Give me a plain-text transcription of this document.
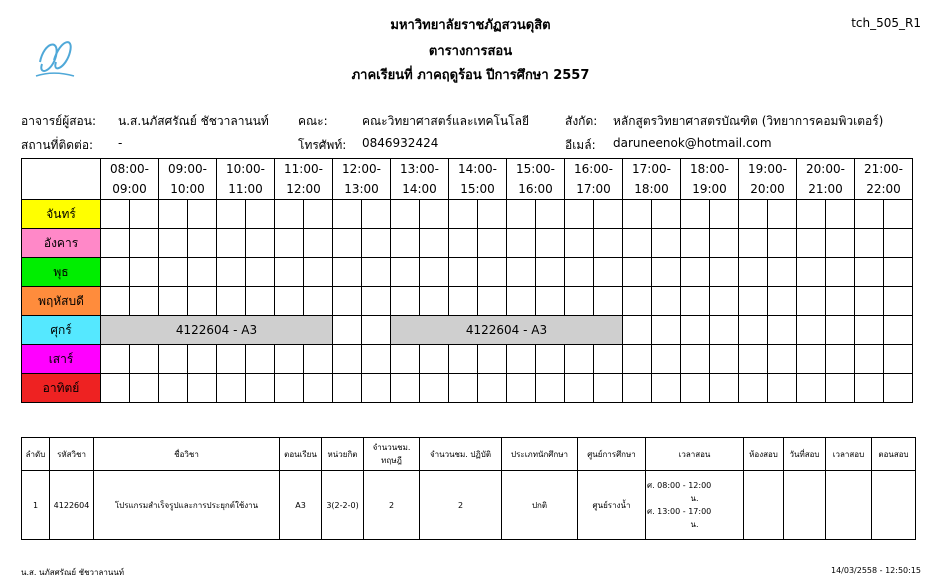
มหาวิทยาลัยราชภัฏสวนดุสิต
ตารางการสอน
ภาคเรียนที่ ภาคฤดูร้อน ปีการศึกษา 2557
tch_505_R1
อาจารย์ผู้สอน: น.ส.นภัสศรัณย์ ชัชวาลานนท์ คณะ:	คณะวิทยาศาสตร์และเทคโนโลยี	สังกัด: หลักสูตรวิทยาศาสตรบัณฑิต (วิทยาการคอมพิวเตอร์)
สถานที่ติดต่อ: -	โทรศัพท์: 0846932424	อีเมล์: daruneenok@hotmail.com
	08:00-		09:00-		10:00-		11:00-		12:00-		13:00-		14:00-		15:00-		16:00-		17:00-		18:00-		19:00-		20:00-		21:00-	
	09:00		10:00		11:00		12:00		13:00		14:00		15:00		16:00		17:00		18:00		19:00		20:00		21:00		22:00	
จันทร์																												
อังคาร																												
พุธ																												
พฤหัสบดี																												
ศุกร์	4122604 - A3										4122604 - A3																	
เสาร์																												
อาทิตย์																												
ลำดับ	รหัสวิชา	ชื่อวิชา	ตอนเรียน	หน่วยกิต	จำนวนชม. ทฤษฎี	จำนวนชม. ปฏิบัติ	ประเภทนักศึกษา	ศูนย์การศึกษา	เวลาสอน	ห้องสอบ	วันที่สอบ	เวลาสอบ	ตอนสอบ
1	4122604	โปรแกรมสำเร็จรูปและการประยุกต์ใช้งาน	A3	3(2-2-0)	2	2	ปกติ	ศูนย์รางน้ำ	ศ. 08:00 - 12:00
น.
ศ. 13:00 - 17:00
น.				

น.ส. นภัสศรัณย์ ชัชวาลานนท์	14/03/2558 - 12:50:15
